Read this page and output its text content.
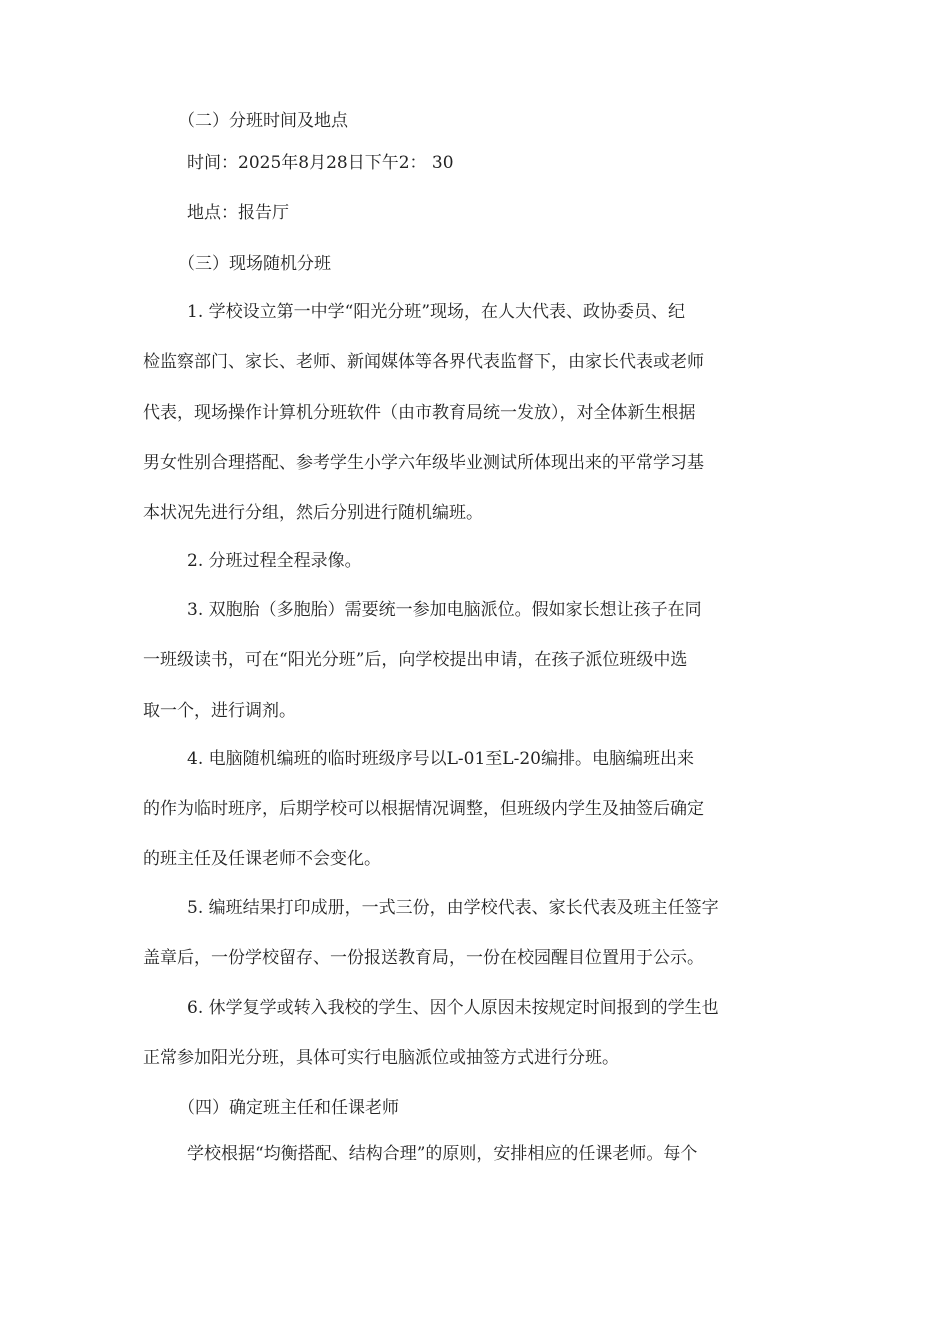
（二）分班时间及地点
时间：2025年8月28日下午2： 30
地点：报告厅
（三）现场随机分班
1. 学校设立第一中学“阳光分班”现场，在人大代表、政协委员、纪
检监察部门、家长、老师、新闻媒体等各界代表监督下，由家长代表或老师
代表，现场操作计算机分班软件（由市教育局统一发放），对全体新生根据
男女性别合理搭配、参考学生小学六年级毕业测试所体现出来的平常学习基
本状况先进行分组，然后分别进行随机编班。
2. 分班过程全程录像。
3. 双胞胎（多胞胎）需要统一参加电脑派位。假如家长想让孩子在同
一班级读书，可在“阳光分班”后，向学校提出申请，在孩子派位班级中选
取一个，进行调剂。
4. 电脑随机编班的临时班级序号以L-01至L-20编排。电脑编班出来
的作为临时班序，后期学校可以根据情况调整，但班级内学生及抽签后确定
的班主任及任课老师不会变化。
5. 编班结果打印成册，一式三份，由学校代表、家长代表及班主任签字
盖章后，一份学校留存、一份报送教育局，一份在校园醒目位置用于公示。
6. 休学复学或转入我校的学生、因个人原因未按规定时间报到的学生也
正常参加阳光分班，具体可实行电脑派位或抽签方式进行分班。
（四）确定班主任和任课老师
学校根据“均衡搭配、结构合理”的原则，安排相应的任课老师。每个
